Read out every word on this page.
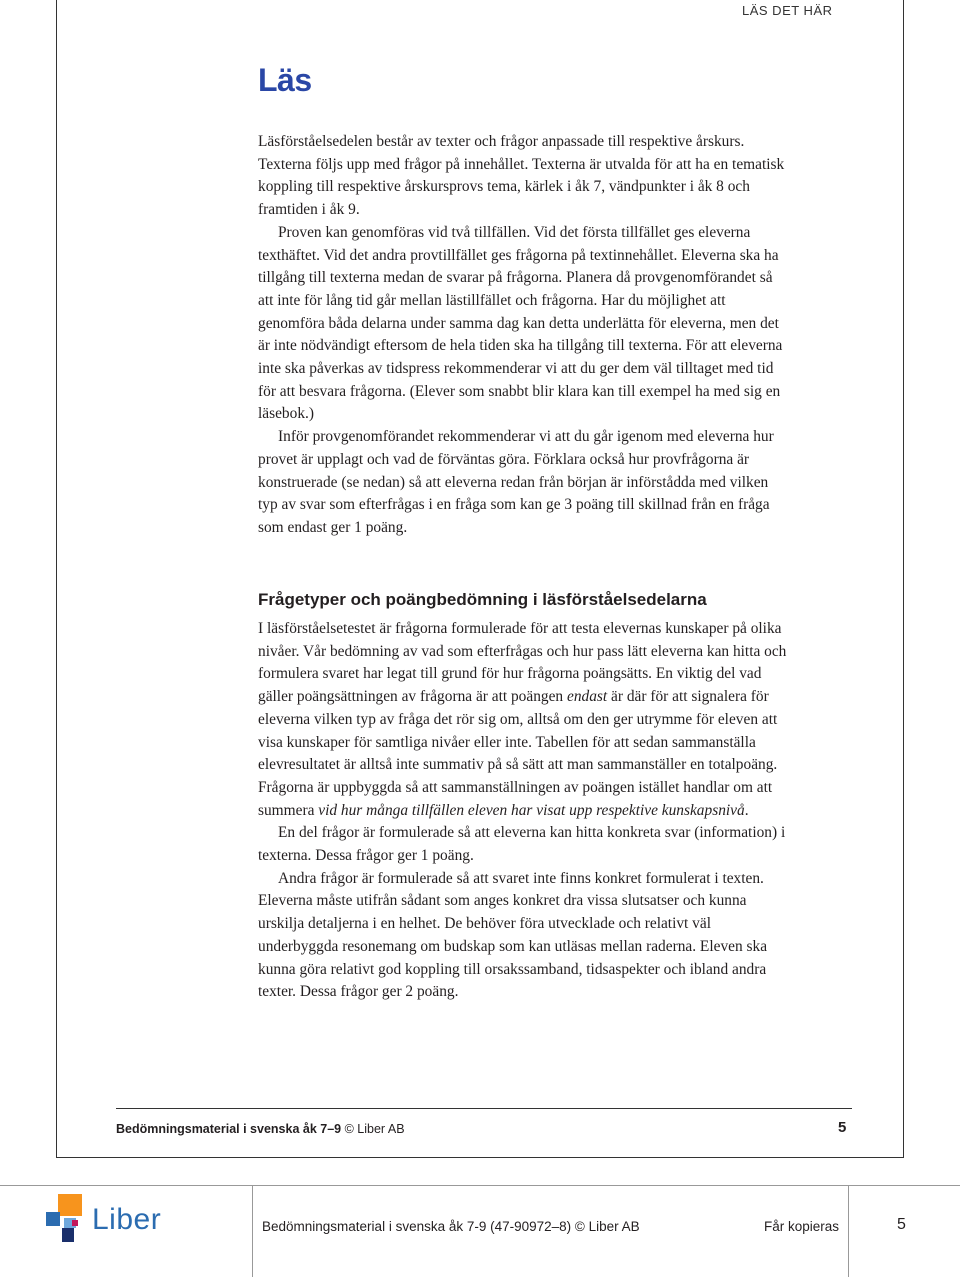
LÄS DET HÄR
Läs

Läsförståelsedelen består av texter och frågor anpassade till respektive årskurs. Texterna följs upp med frågor på innehållet. Texterna är utvalda för att ha en tematisk koppling till respektive årskursprovs tema, kärlek i åk 7, vändpunkter i åk 8 och framtiden i åk 9.

Proven kan genomföras vid två tillfällen. Vid det första tillfället ges eleverna texthäftet. Vid det andra provtillfället ges frågorna på textinnehållet. Eleverna ska ha tillgång till texterna medan de svarar på frågorna. Planera då provgenomförandet så att inte för lång tid går mellan lästillfället och frågorna. Har du möjlighet att genomföra båda delarna under samma dag kan detta underlätta för eleverna, men det är inte nödvändigt eftersom de hela tiden ska ha tillgång till texterna. För att eleverna inte ska påverkas av tidspress rekommenderar vi att du ger dem väl tilltaget med tid för att besvara frågorna. (Elever som snabbt blir klara kan till exempel ha med sig en läsebok.)

Inför provgenomförandet rekommenderar vi att du går igenom med eleverna hur provet är upplagt och vad de förväntas göra. Förklara också hur provfrågorna är konstruerade (se nedan) så att eleverna redan från början är införstådda med vilken typ av svar som efterfrågas i en fråga som kan ge 3 poäng till skillnad från en fråga som endast ger 1 poäng.

Frågetyper och poängbedömning i läsförståelsedelarna

I läsförståelsetestet är frågorna formulerade för att testa elevernas kunskaper på olika nivåer. Vår bedömning av vad som efterfrågas och hur pass lätt eleverna kan hitta och formulera svaret har legat till grund för hur frågorna poängsätts. En viktig del vad gäller poängsättningen av frågorna är att poängen endast är där för att signalera för eleverna vilken typ av fråga det rör sig om, alltså om den ger utrymme för eleven att visa kunskaper för samtliga nivåer eller inte. Tabellen för att sedan sammanställa elevresultatet är alltså inte summativ på så sätt att man sammanställer en totalpoäng. Frågorna är uppbyggda så att sammanställningen av poängen istället handlar om att summera vid hur många tillfällen eleven har visat upp respektive kunskapsnivå.

En del frågor är formulerade så att eleverna kan hitta konkreta svar (information) i texterna. Dessa frågor ger 1 poäng.

Andra frågor är formulerade så att svaret inte finns konkret formulerat i texten. Eleverna måste utifrån sådant som anges konkret dra vissa slutsatser och kunna urskilja detaljerna i en helhet. De behöver föra utvecklade och relativt väl underbyggda resonemang om budskap som kan utläsas mellan raderna. Eleven ska kunna göra relativt god koppling till orsakssamband, tidsaspekter och ibland andra texter. Dessa frågor ger 2 poäng.

Bedömningsmaterial i svenska åk 7–9 © Liber AB	5
Liber	Bedömningsmaterial i svenska åk 7-9 (47-90972–8) © Liber AB	Får kopieras	5
